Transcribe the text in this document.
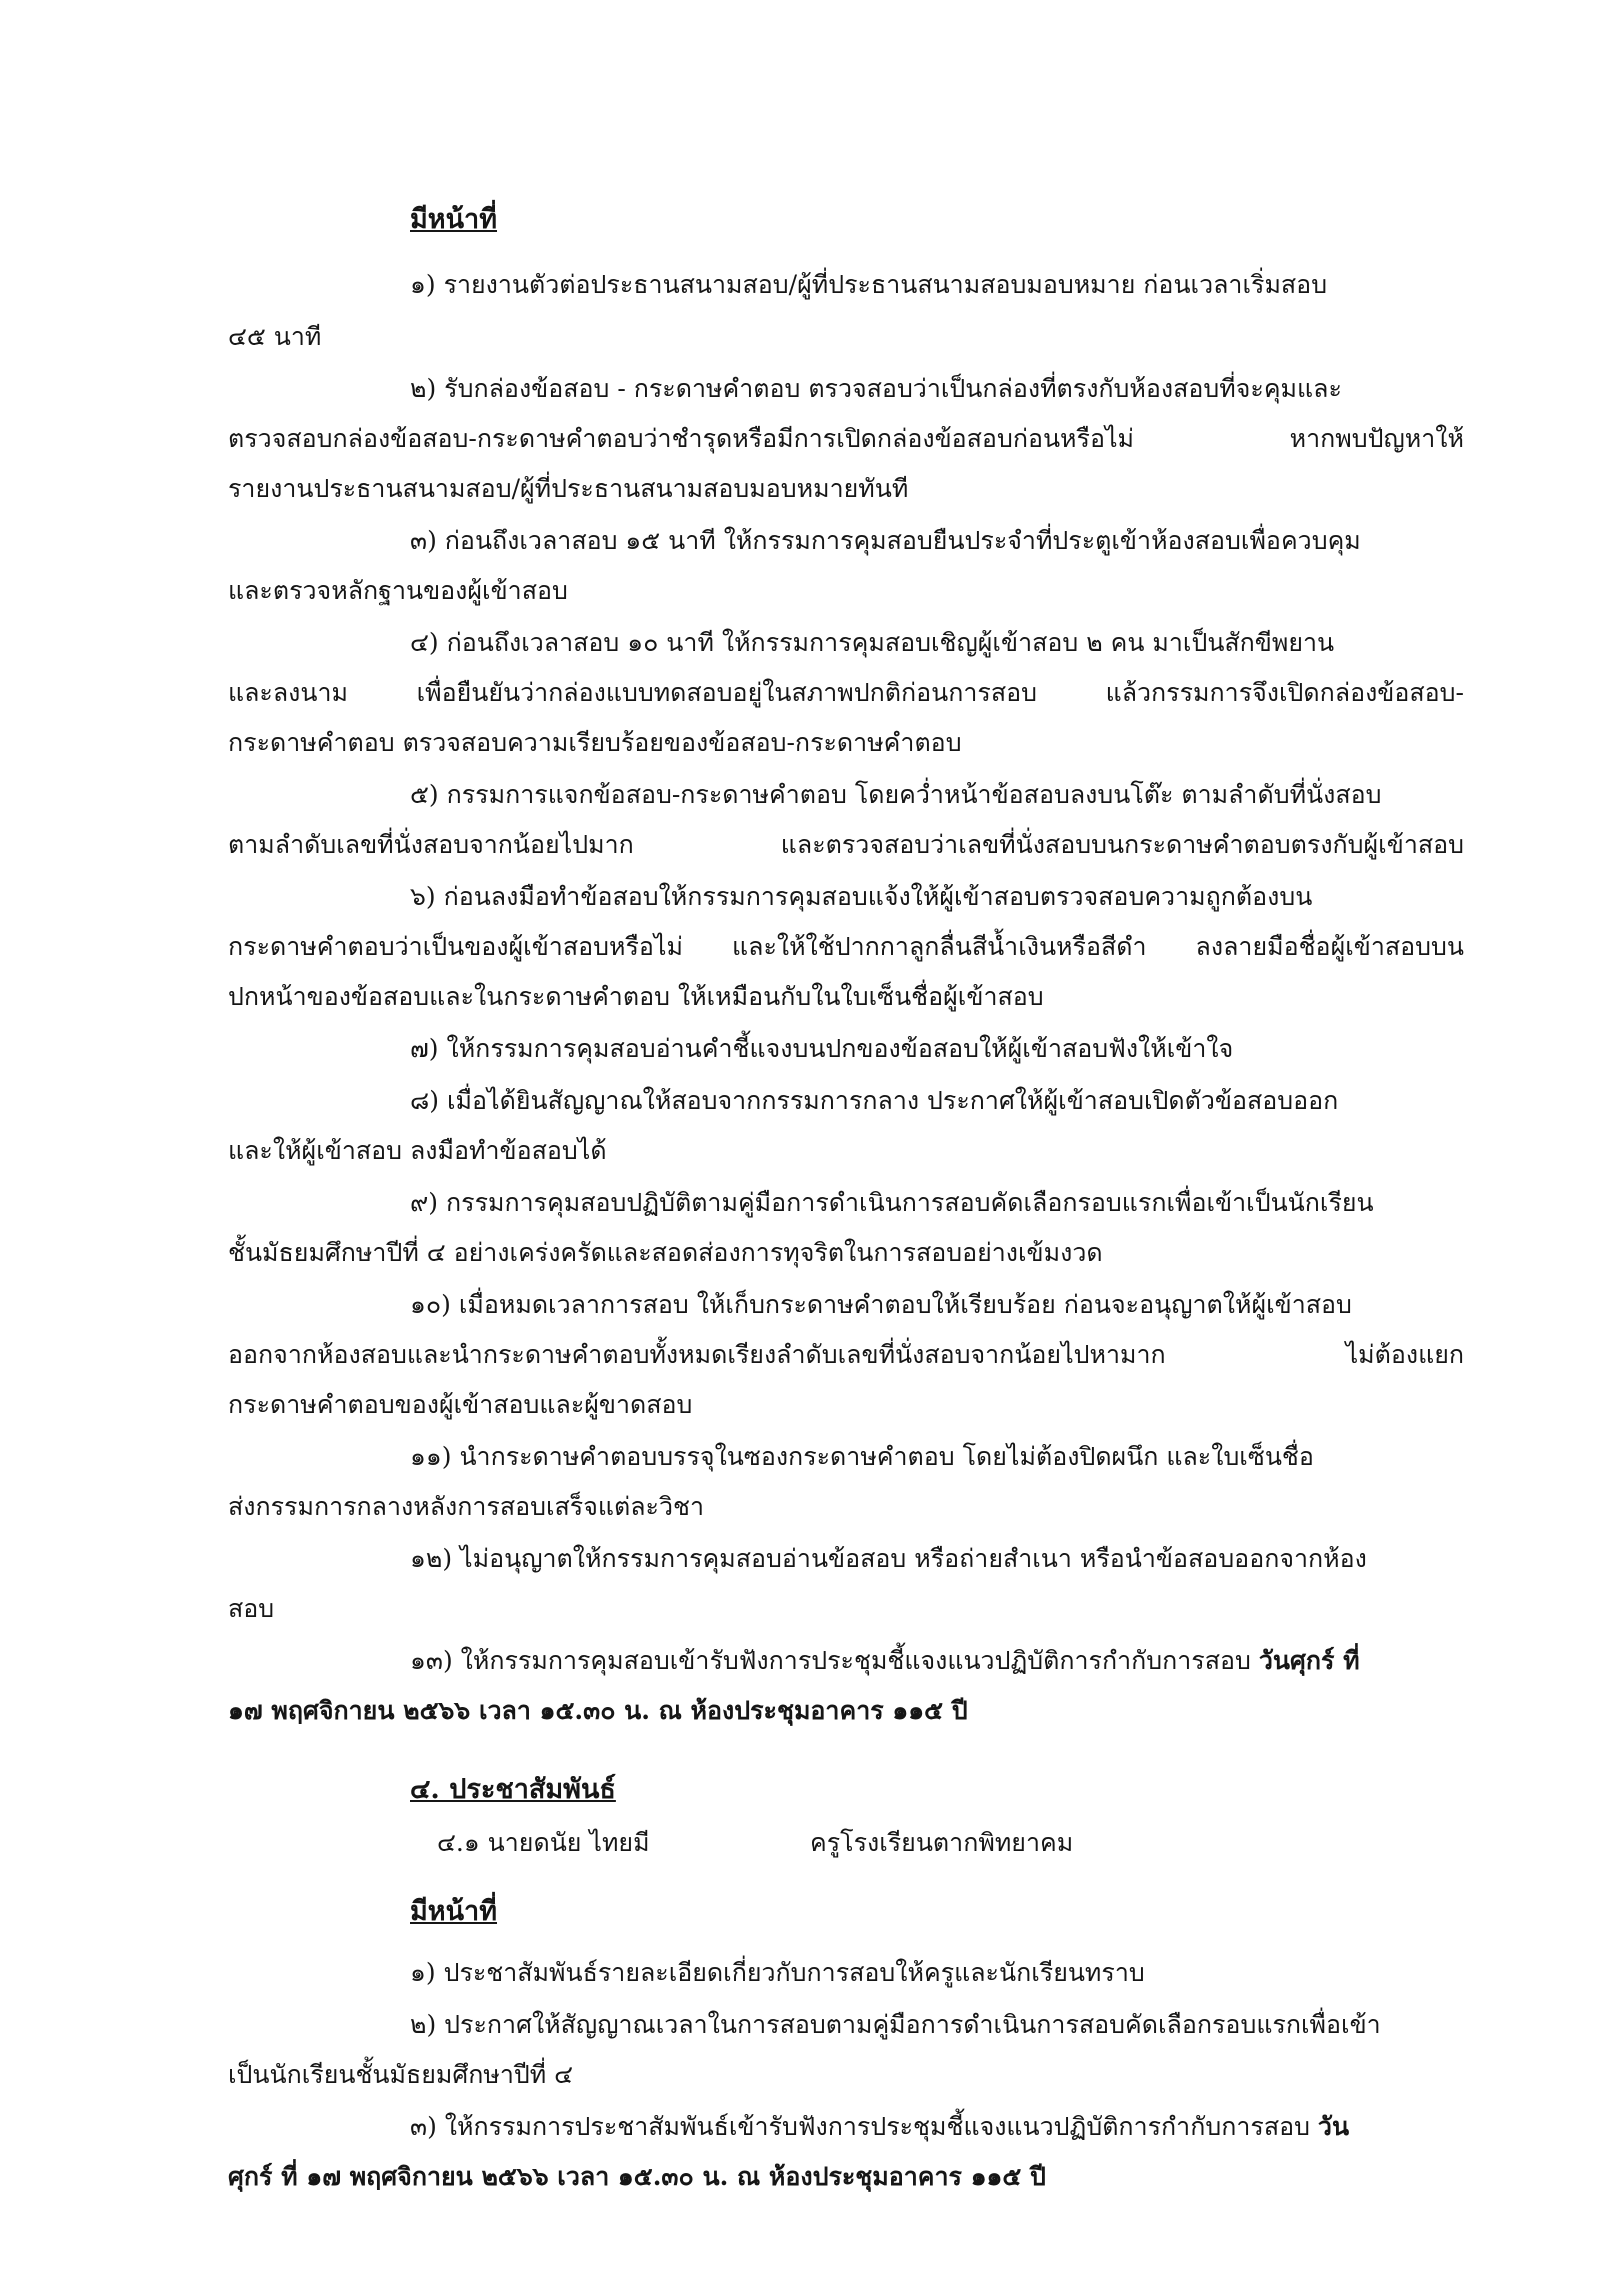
มีหน้าที่
๑) รายงานตัวต่อประธานสนามสอบ/ผู้ที่ประธานสนามสอบมอบหมาย ก่อนเวลาเริ่มสอบ
๔๕ นาที
๒) รับกล่องข้อสอบ - กระดาษคำตอบ ตรวจสอบว่าเป็นกล่องที่ตรงกับห้องสอบที่จะคุมและ
ตรวจสอบกล่องข้อสอบ-กระดาษคำตอบว่าชำรุดหรือมีการเปิดกล่องข้อสอบก่อนหรือไม่ หากพบปัญหาให้
รายงานประธานสนามสอบ/ผู้ที่ประธานสนามสอบมอบหมายทันที
๓) ก่อนถึงเวลาสอบ ๑๕ นาที ให้กรรมการคุมสอบยืนประจำที่ประตูเข้าห้องสอบเพื่อควบคุม
และตรวจหลักฐานของผู้เข้าสอบ
๔) ก่อนถึงเวลาสอบ ๑๐ นาที ให้กรรมการคุมสอบเชิญผู้เข้าสอบ ๒ คน มาเป็นสักขีพยาน
และลงนาม เพื่อยืนยันว่ากล่องแบบทดสอบอยู่ในสภาพปกติก่อนการสอบ แล้วกรรมการจึงเปิดกล่องข้อสอบ-
กระดาษคำตอบ ตรวจสอบความเรียบร้อยของข้อสอบ-กระดาษคำตอบ
๕) กรรมการแจกข้อสอบ-กระดาษคำตอบ โดยคว่ำหน้าข้อสอบลงบนโต๊ะ ตามลำดับที่นั่งสอบ
ตามลำดับเลขที่นั่งสอบจากน้อยไปมาก และตรวจสอบว่าเลขที่นั่งสอบบนกระดาษคำตอบตรงกับผู้เข้าสอบ
๖) ก่อนลงมือทำข้อสอบให้กรรมการคุมสอบแจ้งให้ผู้เข้าสอบตรวจสอบความถูกต้องบน
กระดาษคำตอบว่าเป็นของผู้เข้าสอบหรือไม่ และให้ใช้ปากกาลูกลื่นสีน้ำเงินหรือสีดำ ลงลายมือชื่อผู้เข้าสอบบน
ปกหน้าของข้อสอบและในกระดาษคำตอบ ให้เหมือนกับในใบเซ็นชื่อผู้เข้าสอบ
๗) ให้กรรมการคุมสอบอ่านคำชี้แจงบนปกของข้อสอบให้ผู้เข้าสอบฟังให้เข้าใจ
๘) เมื่อได้ยินสัญญาณให้สอบจากกรรมการกลาง ประกาศให้ผู้เข้าสอบเปิดตัวข้อสอบออก
และให้ผู้เข้าสอบ ลงมือทำข้อสอบได้
๙) กรรมการคุมสอบปฏิบัติตามคู่มือการดำเนินการสอบคัดเลือกรอบแรกเพื่อเข้าเป็นนักเรียน
ชั้นมัธยมศึกษาปีที่ ๔ อย่างเคร่งครัดและสอดส่องการทุจริตในการสอบอย่างเข้มงวด
๑๐) เมื่อหมดเวลาการสอบ ให้เก็บกระดาษคำตอบให้เรียบร้อย ก่อนจะอนุญาตให้ผู้เข้าสอบ
ออกจากห้องสอบและนำกระดาษคำตอบทั้งหมดเรียงลำดับเลขที่นั่งสอบจากน้อยไปหามาก ไม่ต้องแยก
กระดาษคำตอบของผู้เข้าสอบและผู้ขาดสอบ
๑๑) นำกระดาษคำตอบบรรจุในซองกระดาษคำตอบ โดยไม่ต้องปิดผนึก และใบเซ็นชื่อ
ส่งกรรมการกลางหลังการสอบเสร็จแต่ละวิชา
๑๒) ไม่อนุญาตให้กรรมการคุมสอบอ่านข้อสอบ หรือถ่ายสำเนา หรือนำข้อสอบออกจากห้อง
สอบ
๑๓) ให้กรรมการคุมสอบเข้ารับฟังการประชุมชี้แจงแนวปฏิบัติการกำกับการสอบ วันศุกร์ ที่
๑๗ พฤศจิกายน ๒๕๖๖ เวลา ๑๕.๓๐ น. ณ ห้องประชุมอาคาร ๑๑๕ ปี
๔. ประชาสัมพันธ์
๔.๑ นายดนัย ไทยมี	ครูโรงเรียนตากพิทยาคม
มีหน้าที่
๑) ประชาสัมพันธ์รายละเอียดเกี่ยวกับการสอบให้ครูและนักเรียนทราบ
๒) ประกาศให้สัญญาณเวลาในการสอบตามคู่มือการดำเนินการสอบคัดเลือกรอบแรกเพื่อเข้า
เป็นนักเรียนชั้นมัธยมศึกษาปีที่ ๔
๓) ให้กรรมการประชาสัมพันธ์เข้ารับฟังการประชุมชี้แจงแนวปฏิบัติการกำกับการสอบ วัน
ศุกร์ ที่ ๑๗ พฤศจิกายน ๒๕๖๖ เวลา ๑๕.๓๐ น. ณ ห้องประชุมอาคาร ๑๑๕ ปี
